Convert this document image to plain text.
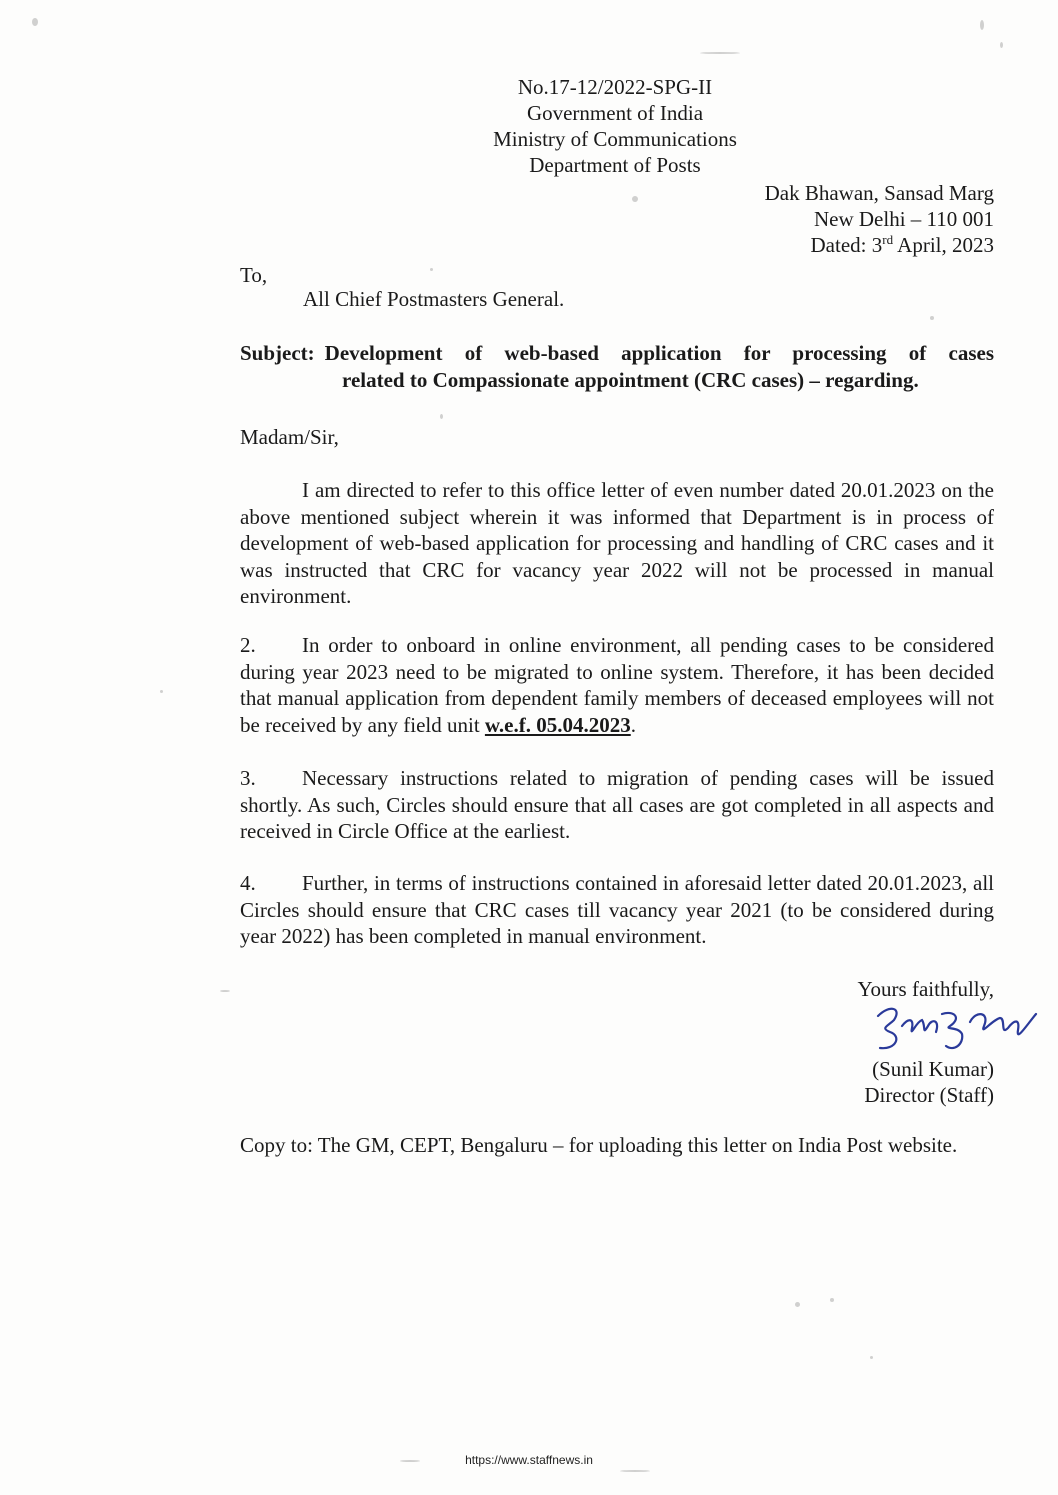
No.17-12/2022-SPG-II
Government of India
Ministry of Communications
Department of Posts
Dak Bhawan, Sansad Marg
New Delhi – 110 001
Dated: 3rd April, 2023
To,
All Chief Postmasters General.
Subject: Development of web-based application for processing of cases
related to Compassionate appointment (CRC cases) – regarding.
Madam/Sir,
I am directed to refer to this office letter of even number dated 20.01.2023 on the above mentioned subject wherein it was informed that Department is in process of development of web-based application for processing and handling of CRC cases and it was instructed that CRC for vacancy year 2022 will not be processed in manual environment.
2. In order to onboard in online environment, all pending cases to be considered during year 2023 need to be migrated to online system. Therefore, it has been decided that manual application from dependent family members of deceased employees will not be received by any field unit w.e.f. 05.04.2023.
3. Necessary instructions related to migration of pending cases will be issued shortly. As such, Circles should ensure that all cases are got completed in all aspects and received in Circle Office at the earliest.
4. Further, in terms of instructions contained in aforesaid letter dated 20.01.2023, all Circles should ensure that CRC cases till vacancy year 2021 (to be considered during year 2022) has been completed in manual environment.
Yours faithfully,
(Sunil Kumar)
Director (Staff)
Copy to: The GM, CEPT, Bengaluru – for uploading this letter on India Post website.
https://www.staffnews.in
